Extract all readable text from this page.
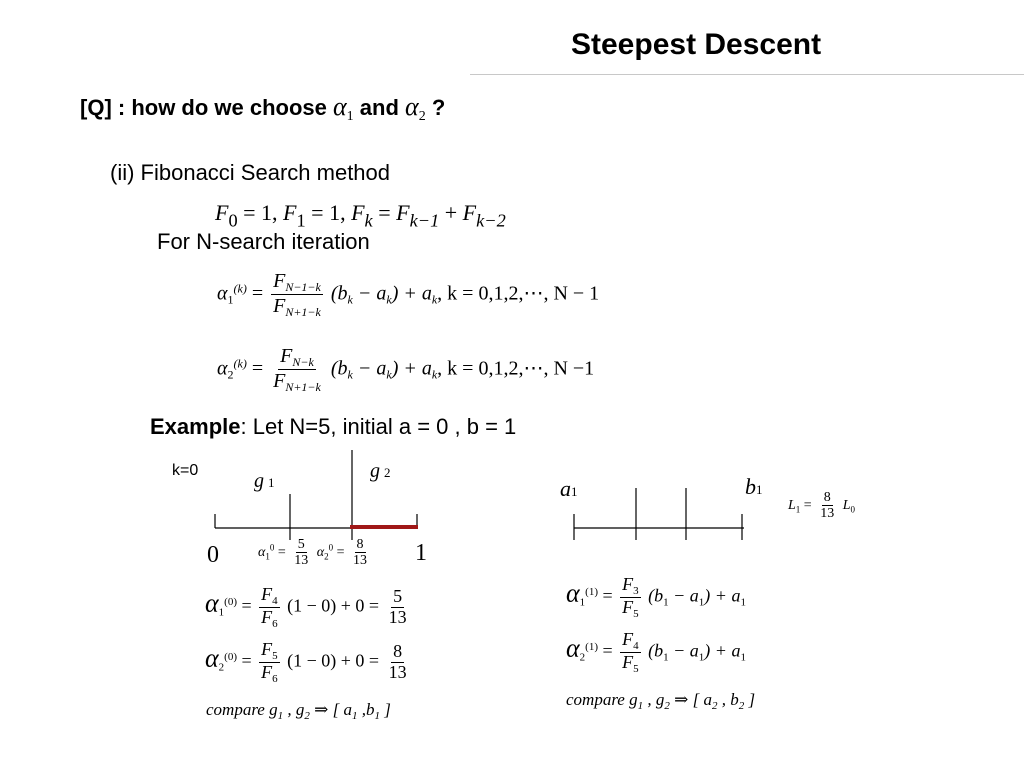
Steepest Descent
[Q] : how do we choose $\alpha_1$ and $\alpha_2$ ?
(ii) Fibonacci Search method
$F_0 = 1$, $F_1 = 1$, $F_k = F_{k-1} + F_{k-2}$
For N-search iteration
$\alpha_1^{(k)} = \frac{F_{N-1-k}}{F_{N+1-k}} (b_k - a_k) + a_k$, k = 0,1,2,⋯, N − 1
$\alpha_2^{(k)} = \frac{F_{N-k}}{F_{N+1-k}} (b_k - a_k) + a_k$, k = 0,1,2,⋯, N −1
Example: Let N=5, initial a = 0 , b = 1
k=0	g 1
g 2
0	1
$\alpha_1^0 = \frac{5}{13} \alpha_2^0 = \frac{8}{13}$
$\alpha_1^{(0)} = \frac{F_4}{F_6} (1 - 0) + 0 = \frac{5}{13}$
$\alpha_2^{(0)} = \frac{F_5}{F_6} (1 - 0) + 0 = \frac{8}{13}$
compare $g_1$ , $g_2$ ⇒ [ $a_1$ $,b_1$ ]
a1	b1
$L_1 = \frac{8}{13} L_0$
$\alpha_1^{(1)} = \frac{F_3}{F_5} (b_1 - a_1) + a_1$
$\alpha_2^{(1)} = \frac{F_4}{F_5} (b_1 - a_1) + a_1$
compare $g_1$ , $g_2$ ⇒ [ $a_2$ , $b_2$ ]
